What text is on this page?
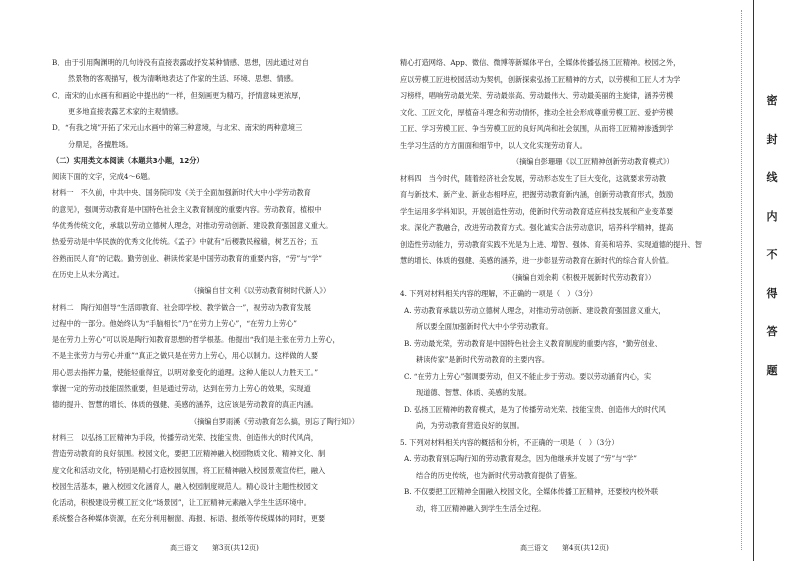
B．由于引用陶渊明的几句诗没有直接表露或抒发某种情感、思想，因此通过对自
然景物的客观描写，极为清晰地表达了作家的生活、环境、思想、情感。
C．南宋的山水画有和画论中提出的“一样，但刻画更为精巧，抒情意味更浓厚，
更多地直接表露艺术家的主观情感。
D．“有我之境”开拓了宋元山水画中的第三种意境，与北宋、南宋的两种意境三
分鼎足，各擅胜场。
（二）实用类文本阅读（本题共3小题，12分）
阅读下面的文字，完成4～6题。
材料一　不久前，中共中央、国务院印发《关于全面加强新时代大中小学劳动教育
的意见》，强调劳动教育是中国特色社会主义教育制度的重要内容。劳动教育，植根中
华优秀传统文化，承载以劳动立德树人理念，对推动劳动创新、建设教育强国意义重大。
热爱劳动是中华民族的优秀文化传统。《孟子》中就有“后稷教民稼穑，树艺五谷；五
谷熟而民人育”的记载。勤劳创业、耕读传家是中国劳动教育的重要内容，“劳”与“学”
在历史上从未分离过。
（摘编自甘文利《以劳动教育树时代新人》）
材料二　陶行知倡导“生活即教育、社会即学校、教学做合一”，视劳动为教育发展
过程中的一部分。他始终认为“手脑相长”乃“在劳力上劳心”，“在劳力上劳心”
是在劳力上劳心”可以说是陶行知教育思想的哲学根基。他提出“我们是主张在劳力上劳心，
不是主张劳力与劳心并重”“真正之做只是在劳力上劳心，用心以制力。这样做的人要
用心思去指挥力量，使能轻重得宜，以明对象变化的道理。这种人能以人力胜天工。”
掌握一定的劳动技能固然重要，但是通过劳动，达到在劳力上劳心的效果，实现道
德的提升、智慧的增长、体质的强健、美感的涵养，这应该是劳动教育的真正内涵。
（摘编自罗雨溪《劳动教育怎么搞，别忘了陶行知》）
材料三　以弘扬工匠精神为手段，传播劳动光荣、技能宝贵、创造伟大的时代风尚，
营造劳动教育的良好氛围。校园文化，要把工匠精神融入校园物质文化、精神文化、制
度文化和活动文化，特别是精心打造校园氛围，将工匠精神融入校园景观宣传栏，融入
校园生活基本，融入校园文化涵育人，融入校园制度规范人。精心设计主题性校园文
化活动，积极建设劳模工匠文化“场景园”，让工匠精神元素融入学生生活环境中。
系统整合各种媒体资源，在充分利用橱窗、海报、标语、报纸等传统媒体的同时，更要
精心打造网络、App、微信、微博等新媒体平台，全媒体传播弘扬工匠精神。校园之外，
应以劳模工匠进校园活动为契机，创新探索弘扬工匠精神的方式，以劳模和工匠人才为学
习榜样，唱响劳动最光荣、劳动最崇高、劳动最伟大、劳动最美丽的主旋律，涵养劳模
文化、工匠文化，厚植奋斗理念和劳动情怀，推动全社会形成尊重劳模工匠、爱护劳模
工匠、学习劳模工匠、争当劳模工匠的良好风尚和社会氛围，从而将工匠精神渗透到学
生学习生活的方方面面和细节中，以人文化实现劳动育人。
（摘编自彭珊珊《以工匠精神创新劳动教育模式》）
材料四　当今时代，随着经济社会发展，劳动形态发生了巨大变化，这就要求劳动教
育与新技术、新产业、新业态相呼应，把握劳动教育新内涵，创新劳动教育形式，鼓励
学生运用多学科知识，开展创造性劳动，使新时代劳动教育适应科技发展和产业变革要
求。深化产教融合，改进劳动教育方式。强化诚实合法劳动意识，培养科学精神，提高
创造性劳动能力，劳动教育实践不光是为上进、增智、强体、育美和培养、实现道德的提升、智
慧的增长、体质的强健、美感的涵养，进一步彰显劳动教育在新时代的综合育人价值。
（摘编自刘余莉《积极开展新时代劳动教育》）
4. 下列对材料相关内容的理解，不正确的一项是（　）（3分）
A. 劳动教育承载以劳动立德树人理念，对推动劳动创新、建设教育强国意义重大，
所以要全面加强新时代大中小学劳动教育。
B. 劳动最光荣，劳动教育是中国特色社会主义教育制度的重要内容，“勤劳创业、
耕读传家”是新时代劳动教育的主要内容。
C. “在劳力上劳心”强调要劳动，但又不能止步于劳动。要以劳动涵育内心，实
现道德、智慧、体质、美感的发展。
D. 弘扬工匠精神的教育模式，是为了传播劳动光荣、技能宝贵、创造伟大的时代风
尚，为劳动教育营造良好的氛围。
5. 下列对材料相关内容的概括和分析，不正确的一项是（　）（3分）
A. 劳动教育别忘陶行知的劳动教育观念，因为他继承并发展了“劳”与“学”
结合的历史传统，也为新时代劳动教育提供了借鉴。
B. 不仅要把工匠精神全面融入校园文化，全媒体传播工匠精神，还要校内校外联
动，将工匠精神融入到学生生活全过程。
密
封
线
内
不
得
答
题
高三语文　　第3页(共12页)	高三语文　　第4页(共12页)
